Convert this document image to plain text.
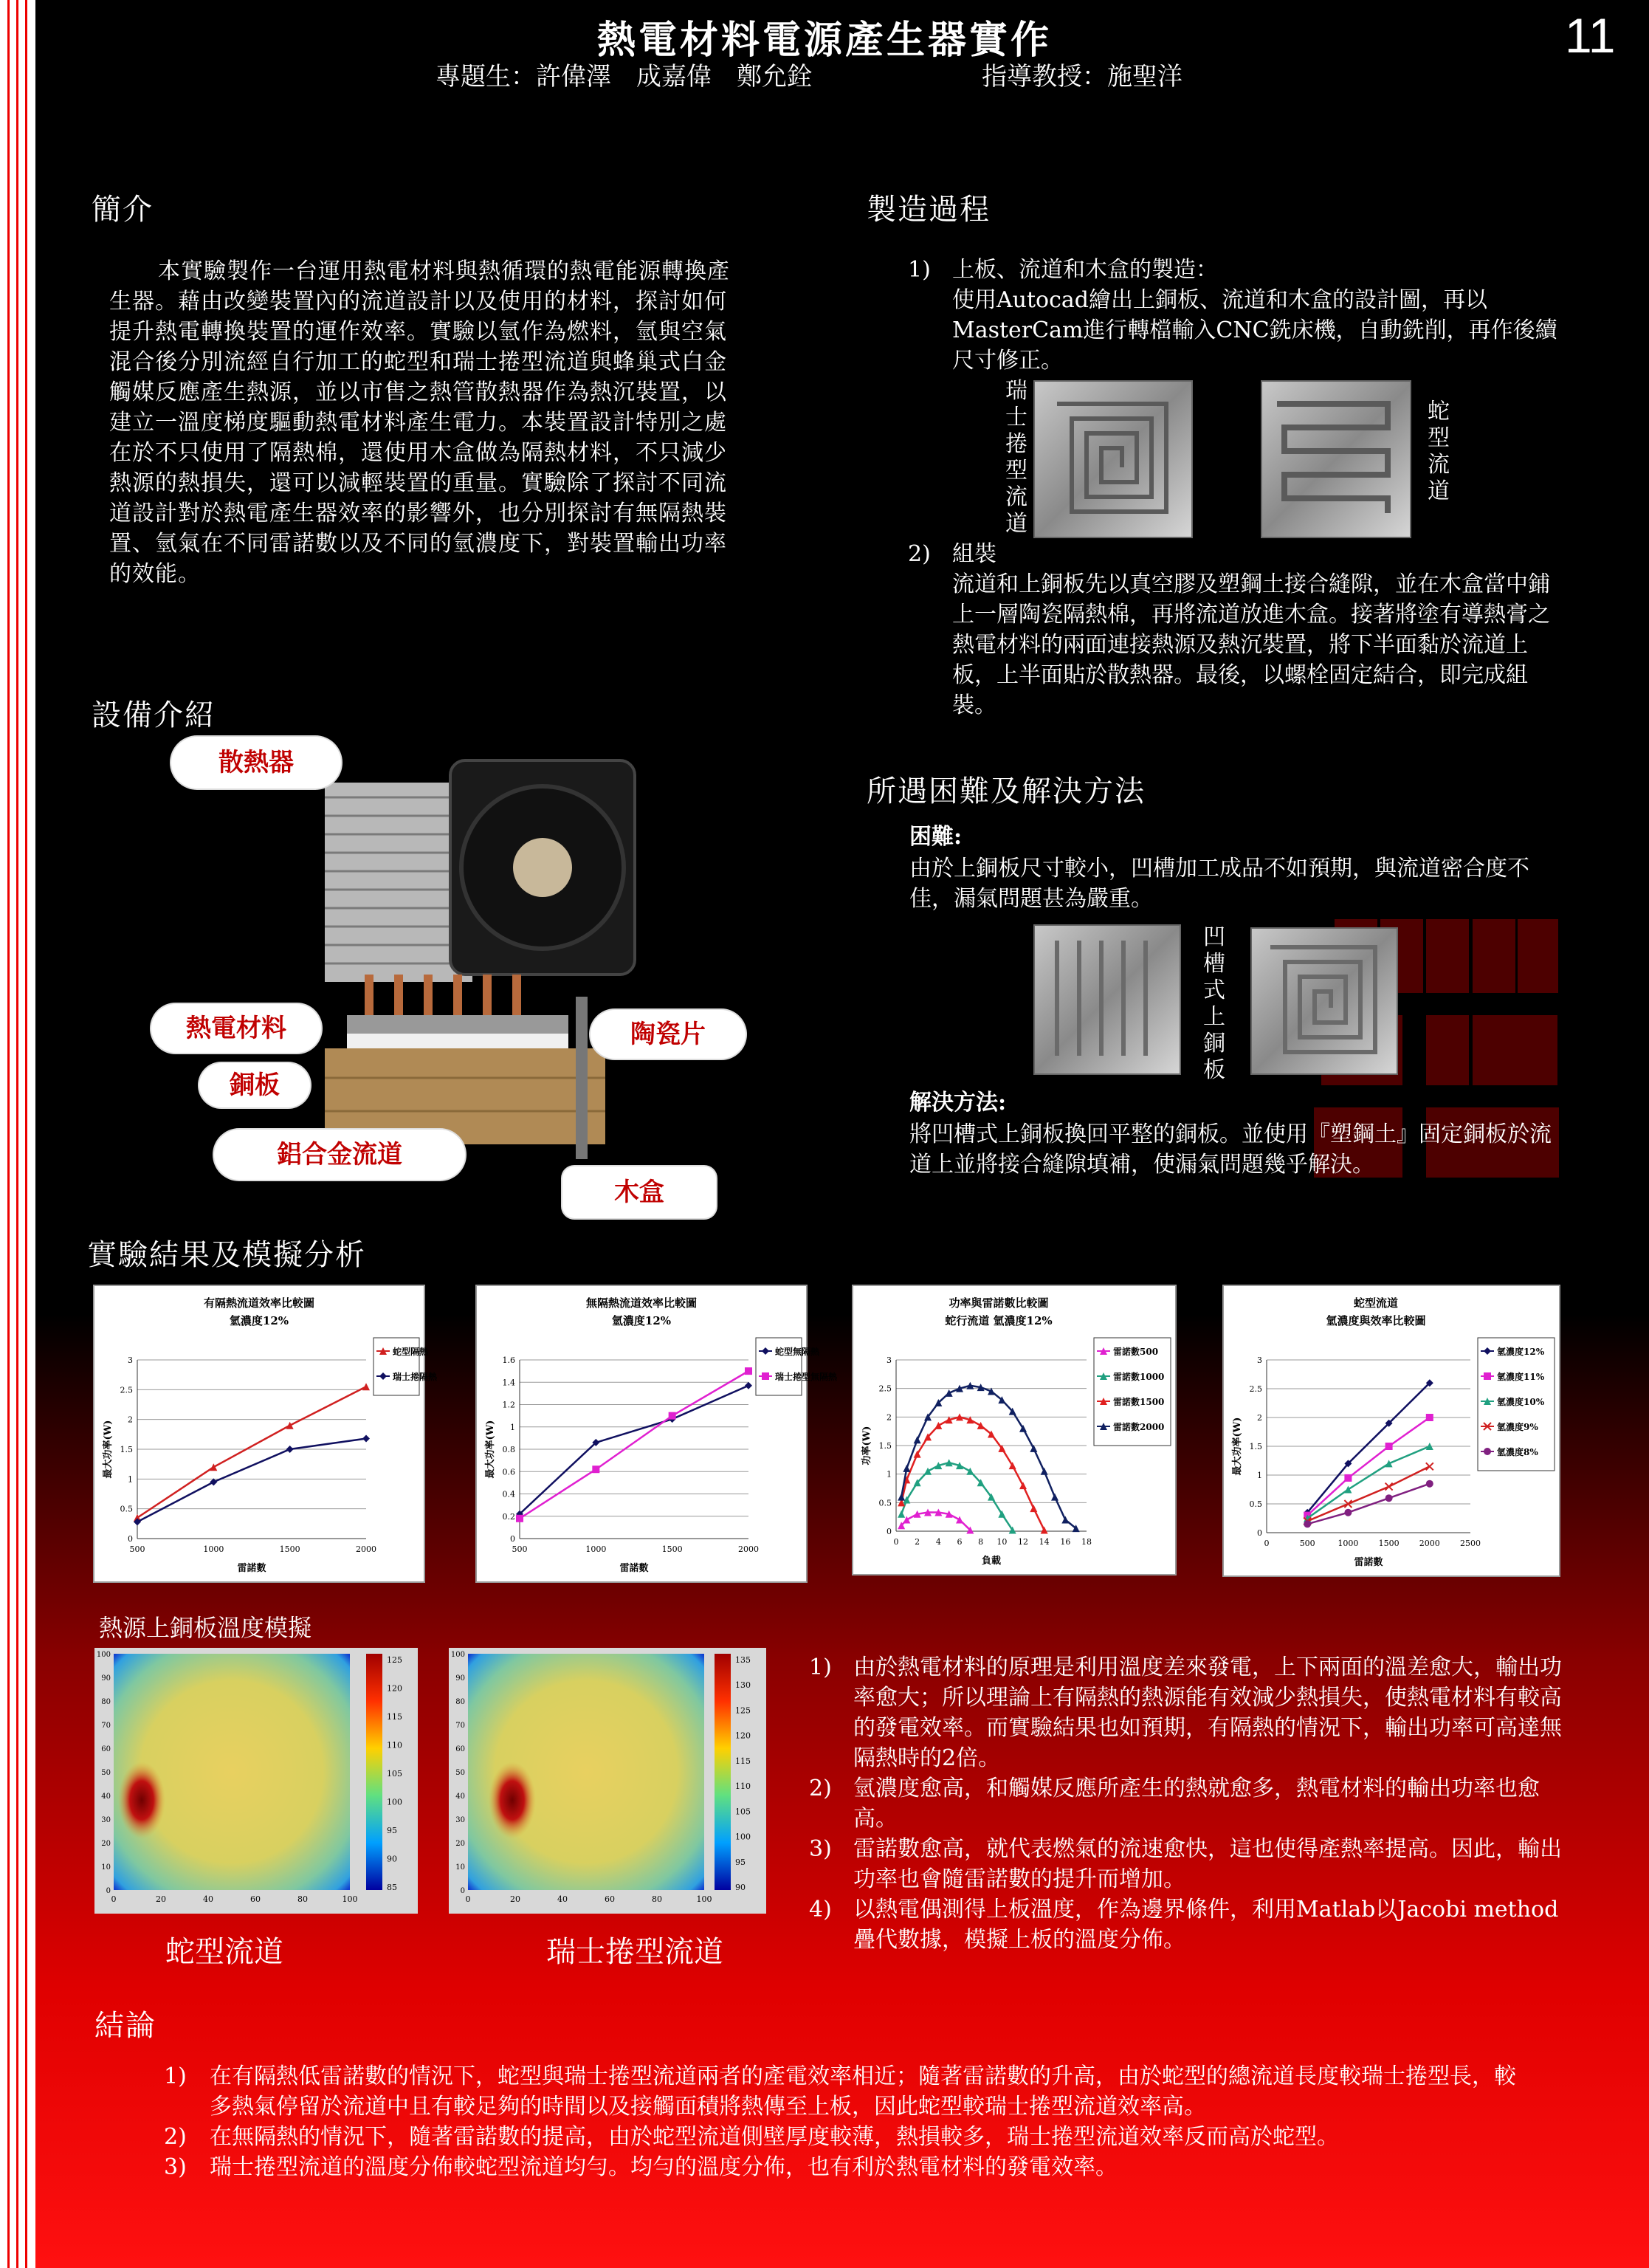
熱電材料電源產生器實作
專題生：許偉澤　成嘉偉　鄭允銓	指導教授：施聖洋
11
簡介
本實驗製作一台運用熱電材料與熱循環的熱電能源轉換產生器。藉由改變裝置內的流道設計以及使用的材料，探討如何提升熱電轉換裝置的運作效率。實驗以氫作為燃料，氫與空氣混合後分別流經自行加工的蛇型和瑞士捲型流道與蜂巢式白金觸媒反應產生熱源，並以市售之熱管散熱器作為熱沉裝置，以建立一溫度梯度驅動熱電材料產生電力。本裝置設計特別之處在於不只使用了隔熱棉，還使用木盒做為隔熱材料，不只減少熱源的熱損失，還可以減輕裝置的重量。實驗除了探討不同流道設計對於熱電產生器效率的影響外，也分別探討有無隔熱裝置、氫氣在不同雷諾數以及不同的氫濃度下，對裝置輸出功率的效能。
設備介紹
散熱器
熱電材料	陶瓷片
銅板
鋁合金流道
木盒
製造過程
1) 上板、流道和木盒的製造：
使用Autocad繪出上銅板、流道和木盒的設計圖，再以MasterCam進行轉檔輸入CNC銑床機，自動銑削，再作後續尺寸修正。
瑞士捲型流道
蛇型流道
2) 組裝
流道和上銅板先以真空膠及塑鋼土接合縫隙，並在木盒當中鋪上一層陶瓷隔熱棉，再將流道放進木盒。接著將塗有導熱膏之熱電材料的兩面連接熱源及熱沉裝置，將下半面黏於流道上板，上半面貼於散熱器。最後，以螺栓固定結合，即完成組裝。
所遇困難及解決方法
困難:
由於上銅板尺寸較小，凹槽加工成品不如預期，與流道密合度不佳，漏氣問題甚為嚴重。
凹槽式上銅板
解決方法:
將凹槽式上銅板換回平整的銅板。並使用『塑鋼土』固定銅板於流道上並將接合縫隙填補，使漏氣問題幾乎解決。
實驗結果及模擬分析
有隔熱流道效率比較圖
氫濃度12%
0
0.5
1
1.5
2
2.5
3
500	1000	1500	2000
雷諾數
最大功率(W)
蛇型隔熱
瑞士捲隔熱
無隔熱流道效率比較圖
氫濃度12%
0
0.2
0.4
0.6
0.8
1
1.2
1.4
1.6
500	1000	1500	2000
雷諾數
最大功率(W)
蛇型無隔熱
瑞士捲型無隔熱
功率與雷諾數比較圖
蛇行流道 氫濃度12%
0
0.5
1
1.5
2
2.5
3
0 2 4 6 8 10 12 14 16 18
負載
功率(W)
雷諾數500
雷諾數1000
雷諾數1500
雷諾數2000
蛇型流道
氫濃度與效率比較圖
0
0.5
1
1.5
2
2.5
3
0	500	1000 1500 2000 2500
雷諾數
最大功率(W)
氫濃度12%
氫濃度11%
氫濃度10%
氫濃度9%
氫濃度8%
熱源上銅板溫度模擬
0	20	40	60	80	100
100
90
80
70
60
50
40
30
20
10
0
125
120
115
110
105
100
95
90
85
0	20	40	60	80	100
100
90
80
70
60
50
40
30
20
10
0
135
130
125
120
115
110
105
100
95
90
蛇型流道	瑞士捲型流道
1) 由於熱電材料的原理是利用溫度差來發電，上下兩面的溫差愈大，輸出功率愈大；所以理論上有隔熱的熱源能有效減少熱損失，使熱電材料有較高的發電效率。而實驗結果也如預期，有隔熱的情況下，輸出功率可高達無隔熱時的2倍。
2) 氫濃度愈高，和觸媒反應所產生的熱就愈多，熱電材料的輸出功率也愈高。
3) 雷諾數愈高，就代表燃氣的流速愈快，這也使得產熱率提高。因此，輸出功率也會隨雷諾數的提升而增加。
4) 以熱電偶測得上板溫度，作為邊界條件，利用Matlab以Jacobi method疊代數據，模擬上板的溫度分佈。
結論
1) 在有隔熱低雷諾數的情況下，蛇型與瑞士捲型流道兩者的產電效率相近；隨著雷諾數的升高，由於蛇型的總流道長度較瑞士捲型長，較多熱氣停留於流道中且有較足夠的時間以及接觸面積將熱傳至上板，因此蛇型較瑞士捲型流道效率高。
2) 在無隔熱的情況下，隨著雷諾數的提高，由於蛇型流道側壁厚度較薄，熱損較多，瑞士捲型流道效率反而高於蛇型。
3) 瑞士捲型流道的溫度分佈較蛇型流道均勻。均勻的溫度分佈，也有利於熱電材料的發電效率。
